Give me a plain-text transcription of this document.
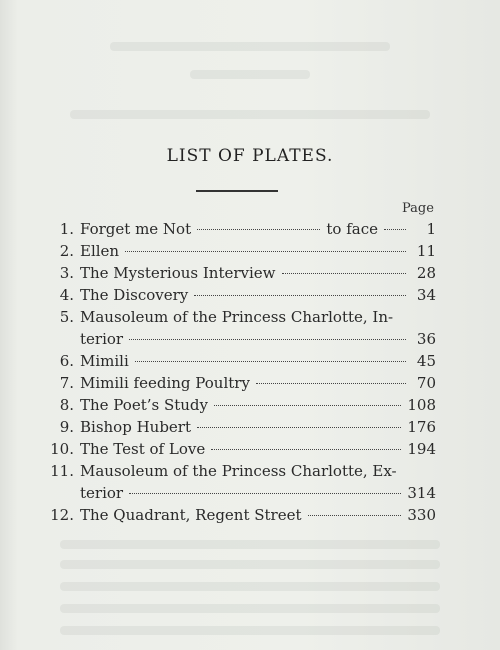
LIST OF PLATES.
Page
1. Forget me Not	to face	1
2. Ellen	11
3. The Mysterious Interview	28
4. The Discovery	34
5. Mausoleum of the Princess Charlotte, In-
terior	36
6. Mimili	45
7. Mimili feeding Poultry	70
8. The Poet’s Study	108
9. Bishop Hubert	176
10. The Test of Love	194
11. Mausoleum of the Princess Charlotte, Ex-
terior	314
12. The Quadrant, Regent Street	330
